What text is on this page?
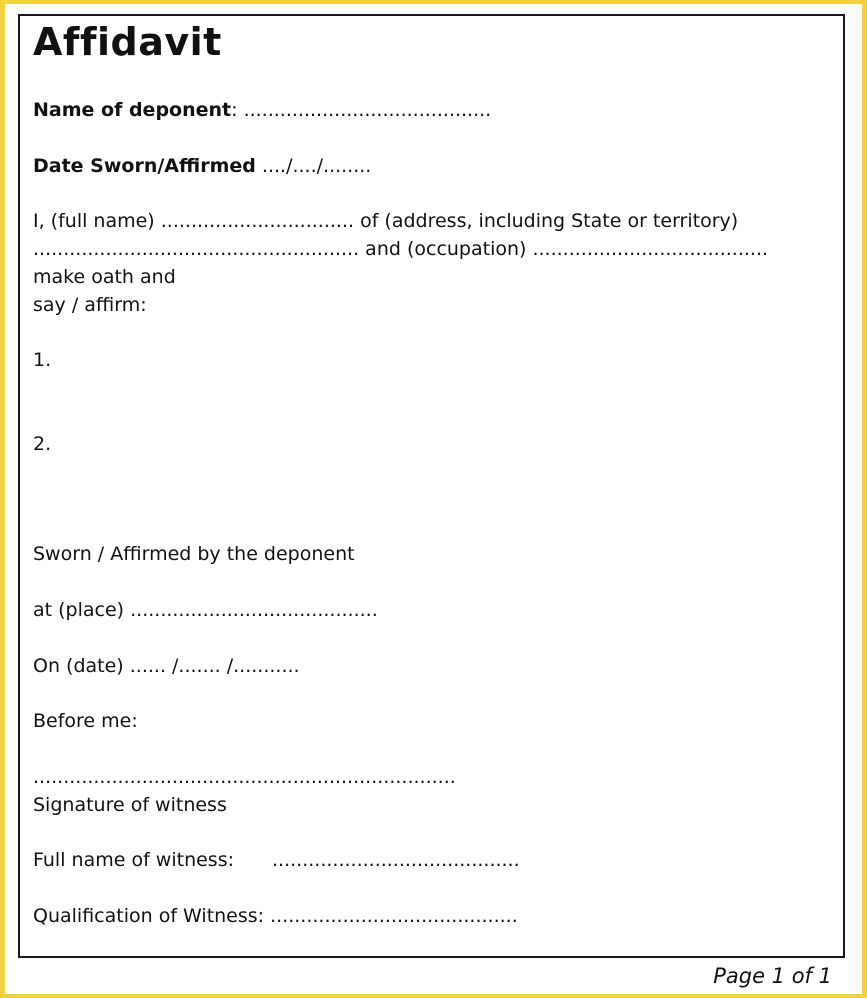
Affidavit
Name of deponent: .........................................
Date Sworn/Affirmed ..../..../........
I, (full name) ................................ of (address, including State or territory)
...................................................... and (occupation) .......................................
make oath and
say / affirm:
1.
2.
Sworn / Affirmed by the deponent
at (place) .........................................
On (date) ...... /....... /...........
Before me:
......................................................................
Signature of witness
Full name of witness: .........................................
Qualification of Witness: .........................................
Page 1 of 1
